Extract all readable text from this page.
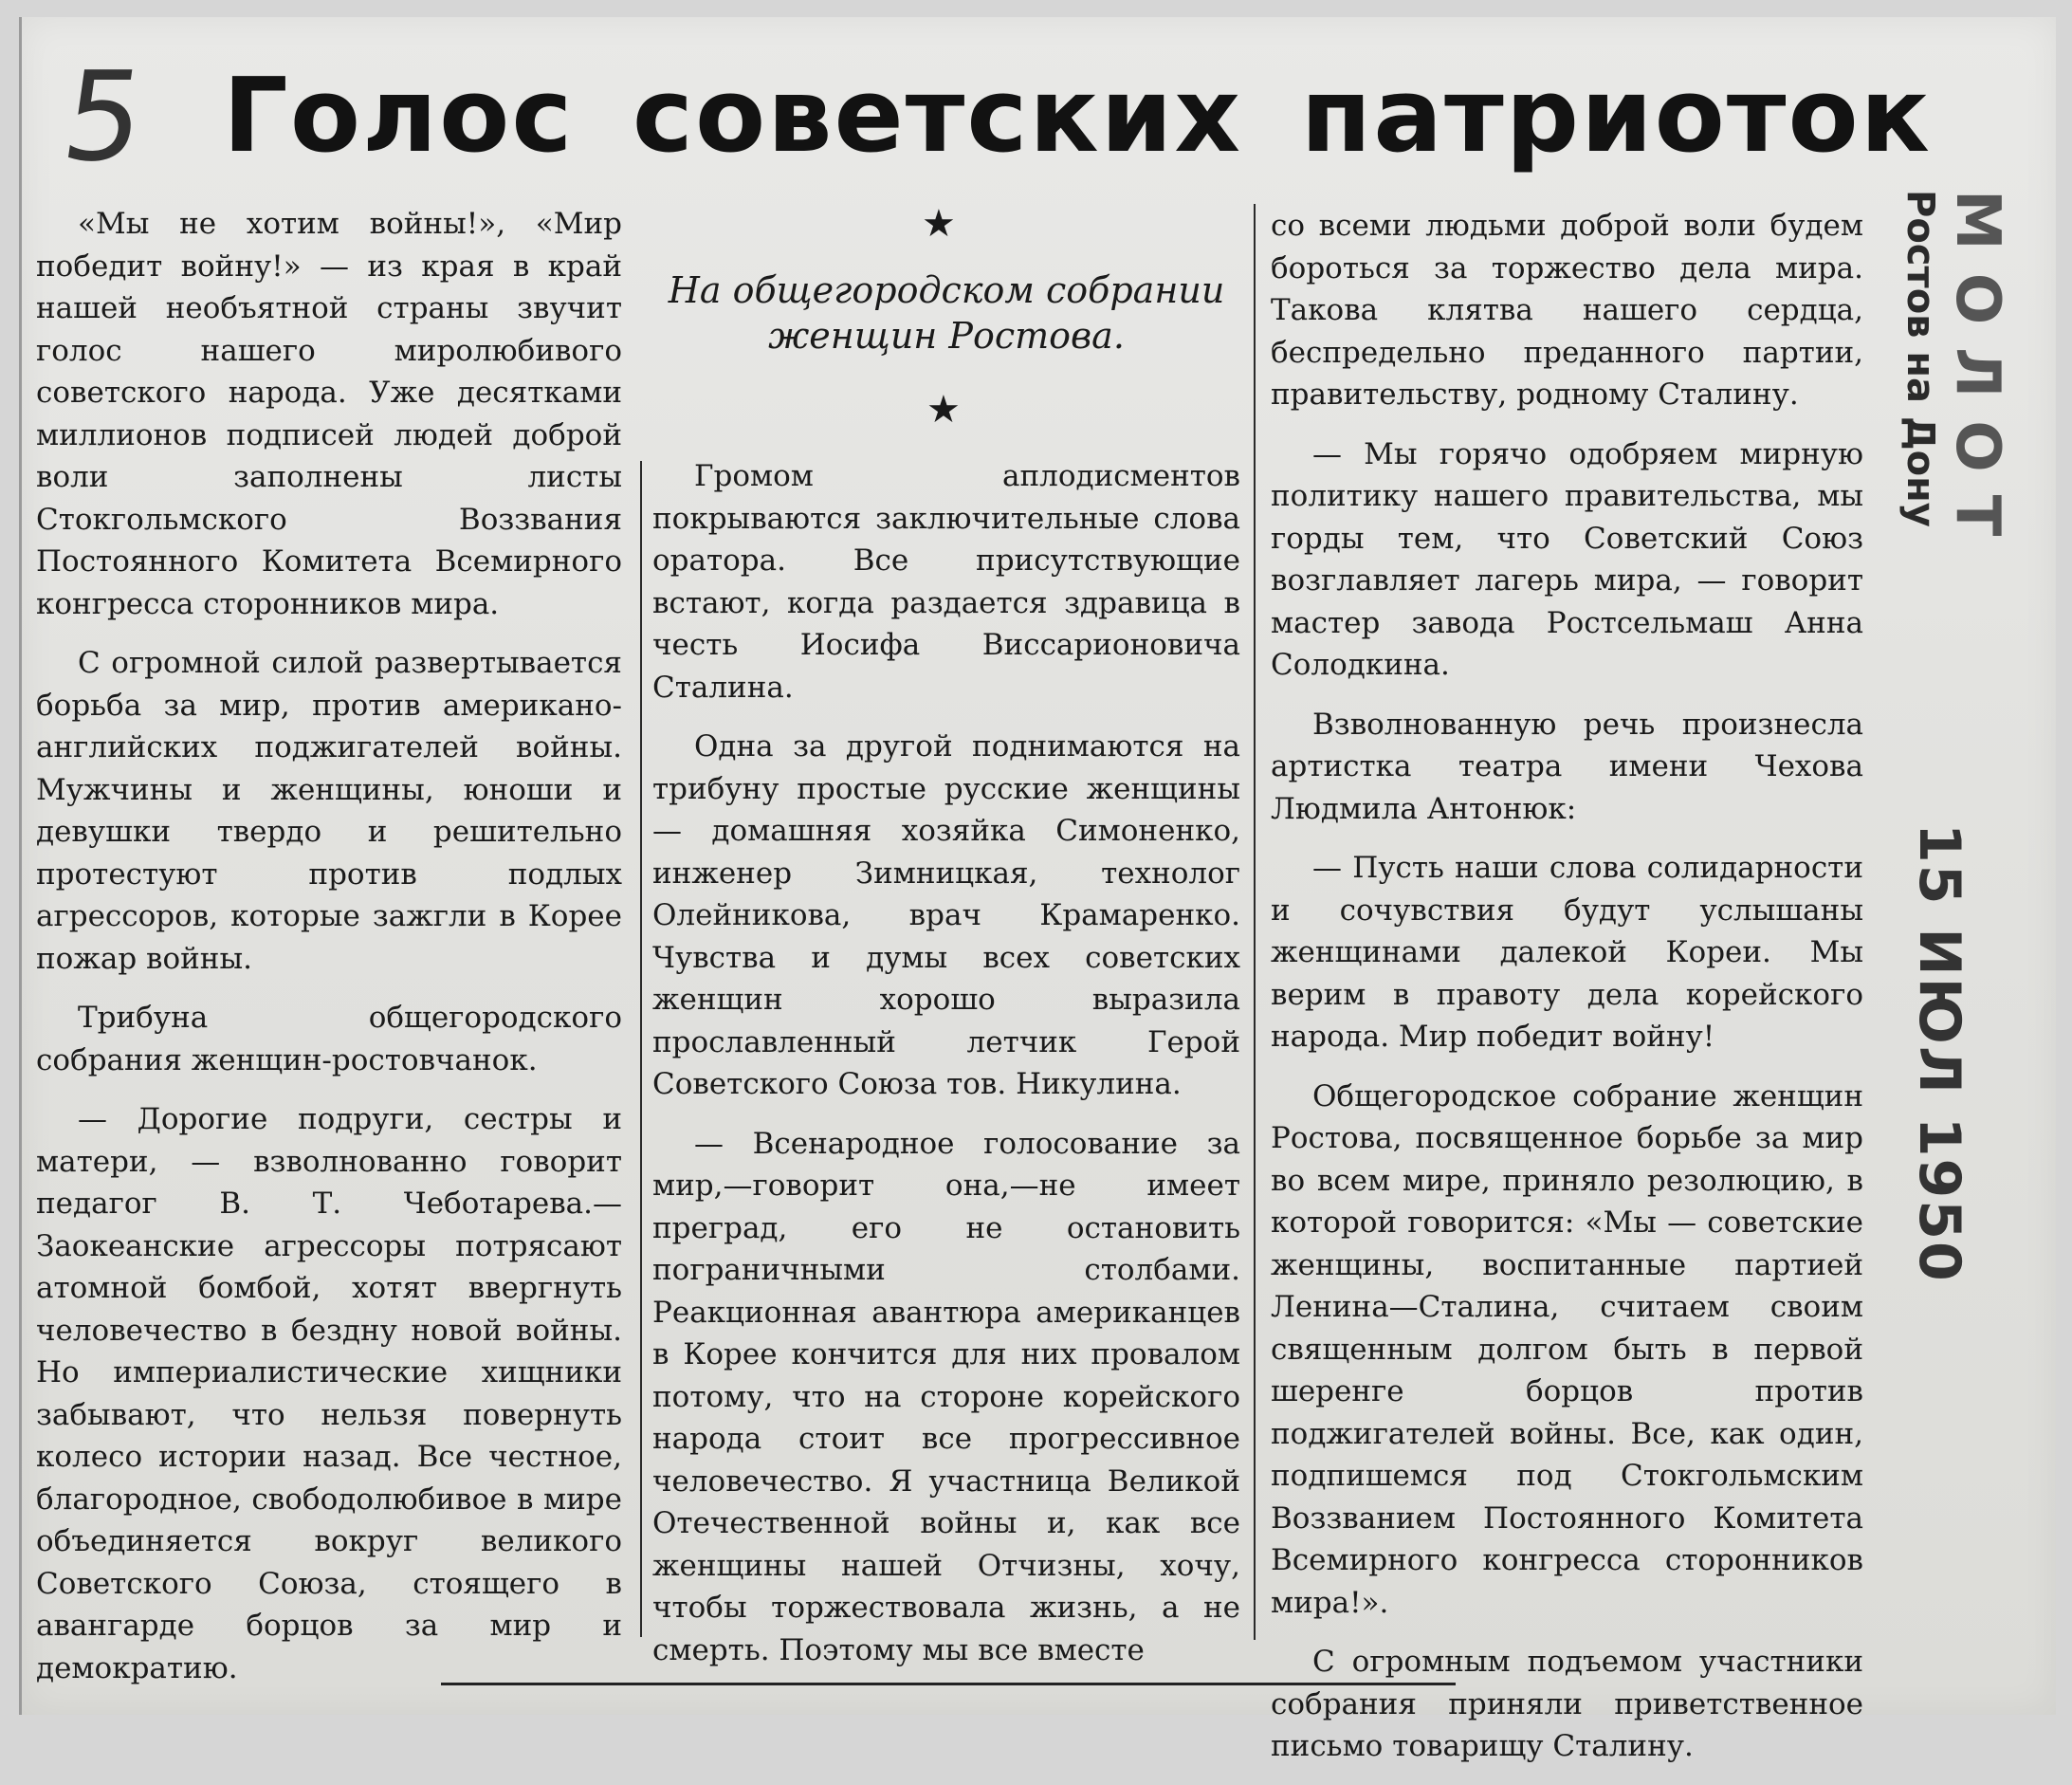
5 Голос советских патриоток
★
На общегородском собрании женщин Ростова.
★

«Мы не хотим войны!», «Мир победит войну!» — из края в край нашей необъятной страны звучит голос нашего миролюбивого советского народа. Уже десятками миллионов подписей людей доброй воли заполнены листы Стокгольмского Воззвания Постоянного Комитета Всемирного конгресса сторонников мира.

С огромной силой развертывается борьба за мир, против американо-английских поджигателей войны. Мужчины и женщины, юноши и девушки твердо и решительно протестуют против подлых агрессоров, которые зажгли в Корее пожар войны.

Трибуна общегородского собрания женщин-ростовчанок.

— Дорогие подруги, сестры и матери, — взволнованно говорит педагог В. Т. Чеботарева.—Заокеанские агрессоры потрясают атомной бомбой, хотят ввергнуть человечество в бездну новой войны. Но империалистические хищники забывают, что нельзя повернуть колесо истории назад. Все честное, благородное, свободолюбивое в мире объединяется вокруг великого Советского Союза, стоящего в авангарде борцов за мир и демократию.

Громом аплодисментов покрываются заключительные слова оратора. Все присутствующие встают, когда раздается здравица в честь Иосифа Виссарионовича Сталина.

Одна за другой поднимаются на трибуну простые русские женщины — домашняя хозяйка Симоненко, инженер Зимницкая, технолог Олейникова, врач Крамаренко. Чувства и думы всех советских женщин хорошо выразила прославленный летчик Герой Советского Союза тов. Никулина.

— Всенародное голосование за мир,—говорит она,—не имеет преград, его не остановить пограничными столбами. Реакционная авантюра американцев в Корее кончится для них провалом потому, что на стороне корейского народа стоит все прогрессивное человечество. Я участница Великой Отечественной войны и, как все женщины нашей Отчизны, хочу, чтобы торжествовала жизнь, а не смерть. Поэтому мы все вместе

со всеми людьми доброй воли будем бороться за торжество дела мира. Такова клятва нашего сердца, беспредельно преданного партии, правительству, родному Сталину.

— Мы горячо одобряем мирную политику нашего правительства, мы горды тем, что Советский Союз возглавляет лагерь мира, — говорит мастер завода Ростсельмаш Анна Солодкина.

Взволнованную речь произнесла артистка театра имени Чехова Людмила Антонюк:

— Пусть наши слова солидарности и сочувствия будут услышаны женщинами далекой Кореи. Мы верим в правоту дела корейского народа. Мир победит войну!

Общегородское собрание женщин Ростова, посвященное борьбе за мир во всем мире, приняло резолюцию, в которой говорится: «Мы — советские женщины, воспитанные партией Ленина—Сталина, считаем своим священным долгом быть в первой шеренге борцов против поджигателей войны. Все, как один, подпишемся под Стокгольмским Воззванием Постоянного Комитета Всемирного конгресса сторонников мира!».

С огромным подъемом участники собрания приняли приветственное письмо товарищу Сталину.

МОЛОТ
Ростов на Дону
15 ИЮЛ 1950
